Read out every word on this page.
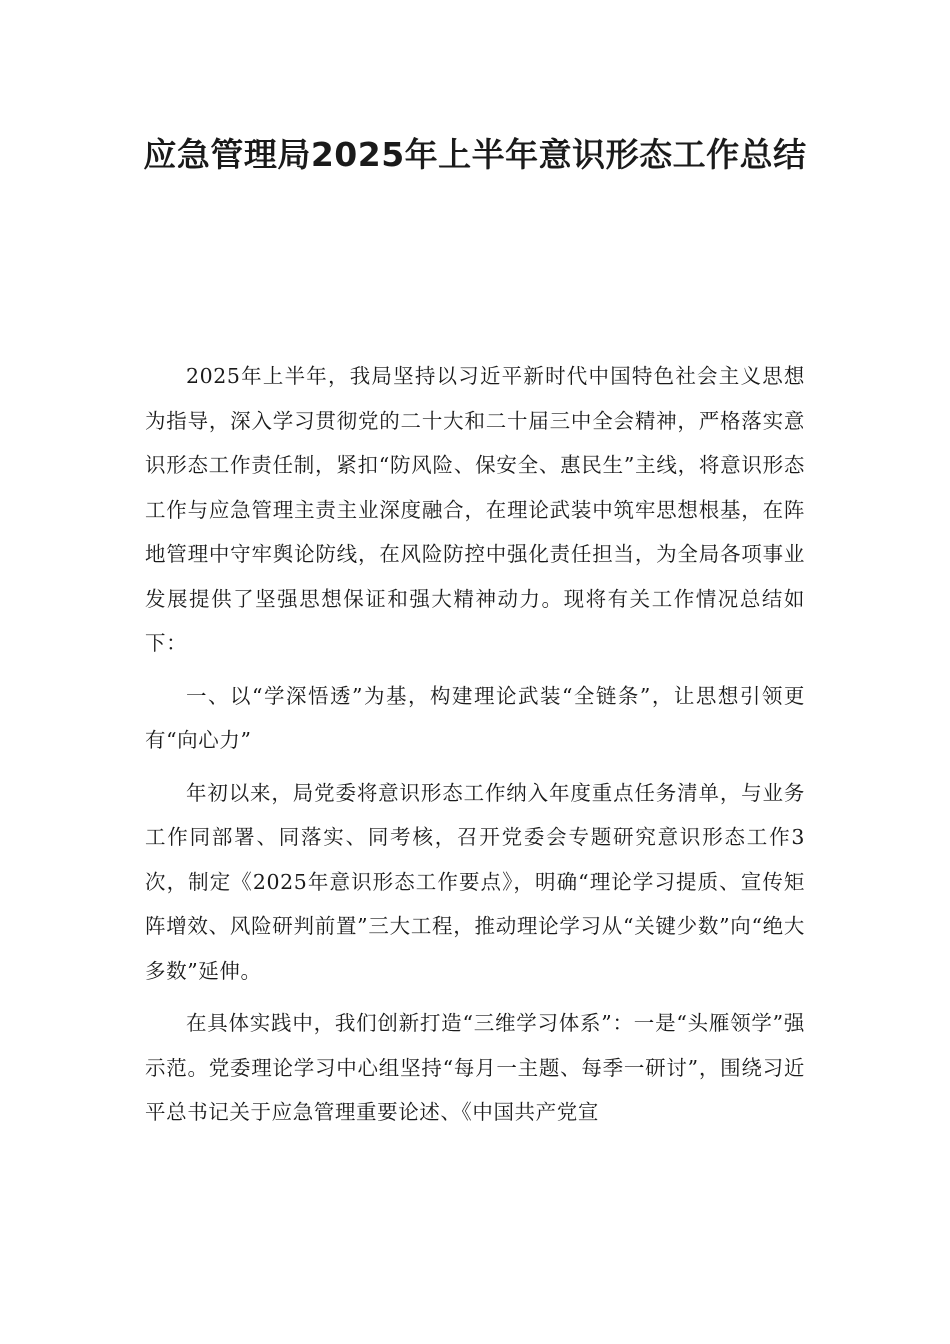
应急管理局2025年上半年意识形态工作总结

2025年上半年，我局坚持以习近平新时代中国特色社会主义思想为指导，深入学习贯彻党的二十大和二十届三中全会精神，严格落实意识形态工作责任制，紧扣“防风险、保安全、惠民生”主线，将意识形态工作与应急管理主责主业深度融合，在理论武装中筑牢思想根基，在阵地管理中守牢舆论防线，在风险防控中强化责任担当，为全局各项事业发展提供了坚强思想保证和强大精神动力。现将有关工作情况总结如下：

一、以“学深悟透”为基，构建理论武装“全链条”，让思想引领更有“向心力”

年初以来，局党委将意识形态工作纳入年度重点任务清单，与业务工作同部署、同落实、同考核，召开党委会专题研究意识形态工作3次，制定《2025年意识形态工作要点》，明确“理论学习提质、宣传矩阵增效、风险研判前置”三大工程，推动理论学习从“关键少数”向“绝大多数”延伸。

在具体实践中，我们创新打造“三维学习体系”：一是“头雁领学”强示范。党委理论学习中心组坚持“每月一主题、每季一研讨”，围绕习近平总书记关于应急管理重要论述、《中国共产党宣
